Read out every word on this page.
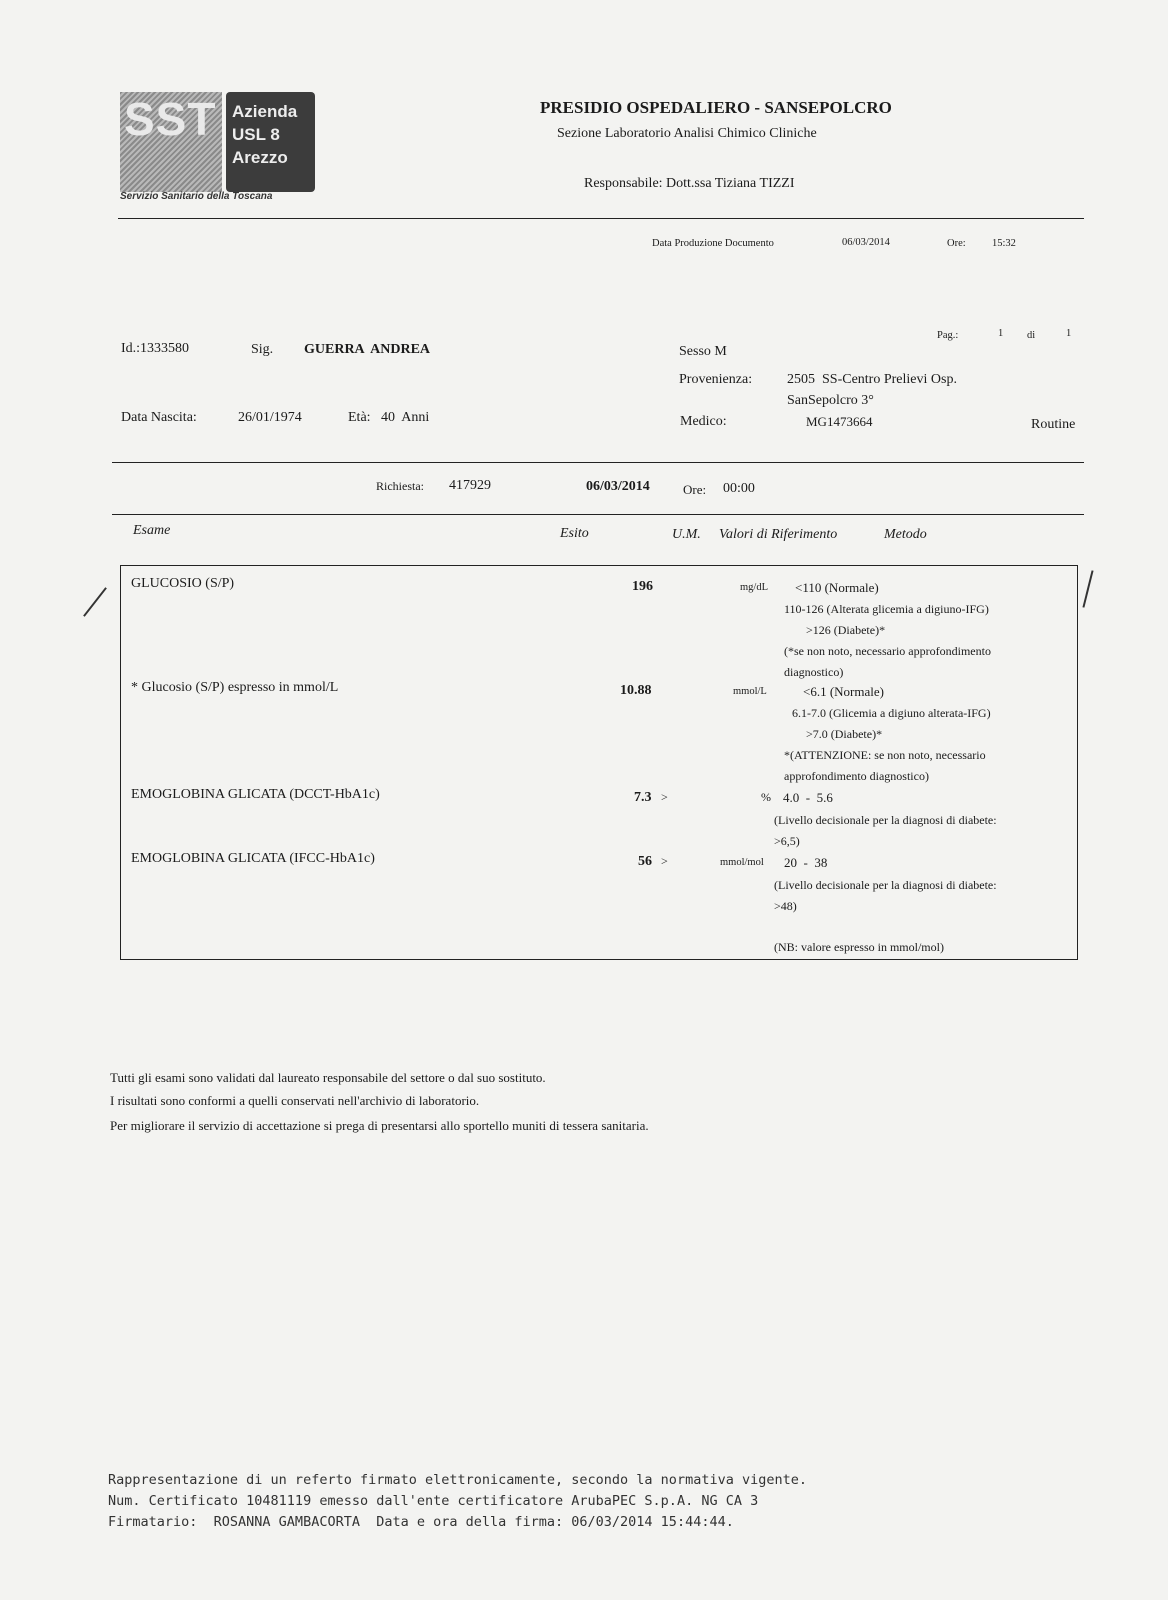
SST Azienda
USL 8
Arezzo
Servizio Sanitario della Toscana
PRESIDIO OSPEDALIERO - SANSEPOLCRO
Sezione Laboratorio Analisi Chimico Cliniche
Responsabile: Dott.ssa Tiziana TIZZI
Data Produzione Documento	06/03/2014	Ore:	15:32
Pag.:	1 di	1
Id.:1333580	Sig. GUERRA  ANDREA	Sesso M
Provenienza: 2505  SS-Centro Prelievi Osp.
SanSepolcro 3°
Data Nascita:	26/01/1974	Età: 40  Anni	Medico:	MG1473664	Routine
Richiesta: 417929	06/03/2014	Ore: 00:00
Esame	Esito	U.M. Valori di Riferimento	Metodo
GLUCOSIO (S/P)	196	mg/dL <110 (Normale)
110-126 (Alterata glicemia a digiuno-IFG)
>126 (Diabete)*
(*se non noto, necessario approfondimento
diagnostico)
* Glucosio (S/P) espresso in mmol/L	10.88	mmol/L	<6.1 (Normale)
6.1-7.0 (Glicemia a digiuno alterata-IFG)
>7.0 (Diabete)*
*(ATTENZIONE: se non noto, necessario
approfondimento diagnostico)
EMOGLOBINA GLICATA (DCCT-HbA1c)	7.3 >	% 4.0  -  5.6
(Livello decisionale per la diagnosi di diabete:
>6,5)
EMOGLOBINA GLICATA (IFCC-HbA1c)	56 >	mmol/mol 20  -  38
(Livello decisionale per la diagnosi di diabete:
>48)
(NB: valore espresso in mmol/mol)
Tutti gli esami sono validati dal laureato responsabile del settore o dal suo sostituto.
I risultati sono conformi a quelli conservati nell'archivio di laboratorio.
Per migliorare il servizio di accettazione si prega di presentarsi allo sportello muniti di tessera sanitaria.
Rappresentazione di un referto firmato elettronicamente, secondo la normativa vigente.
Num. Certificato 10481119 emesso dall'ente certificatore ArubaPEC S.p.A. NG CA 3
Firmatario:  ROSANNA GAMBACORTA  Data e ora della firma: 06/03/2014 15:44:44.
